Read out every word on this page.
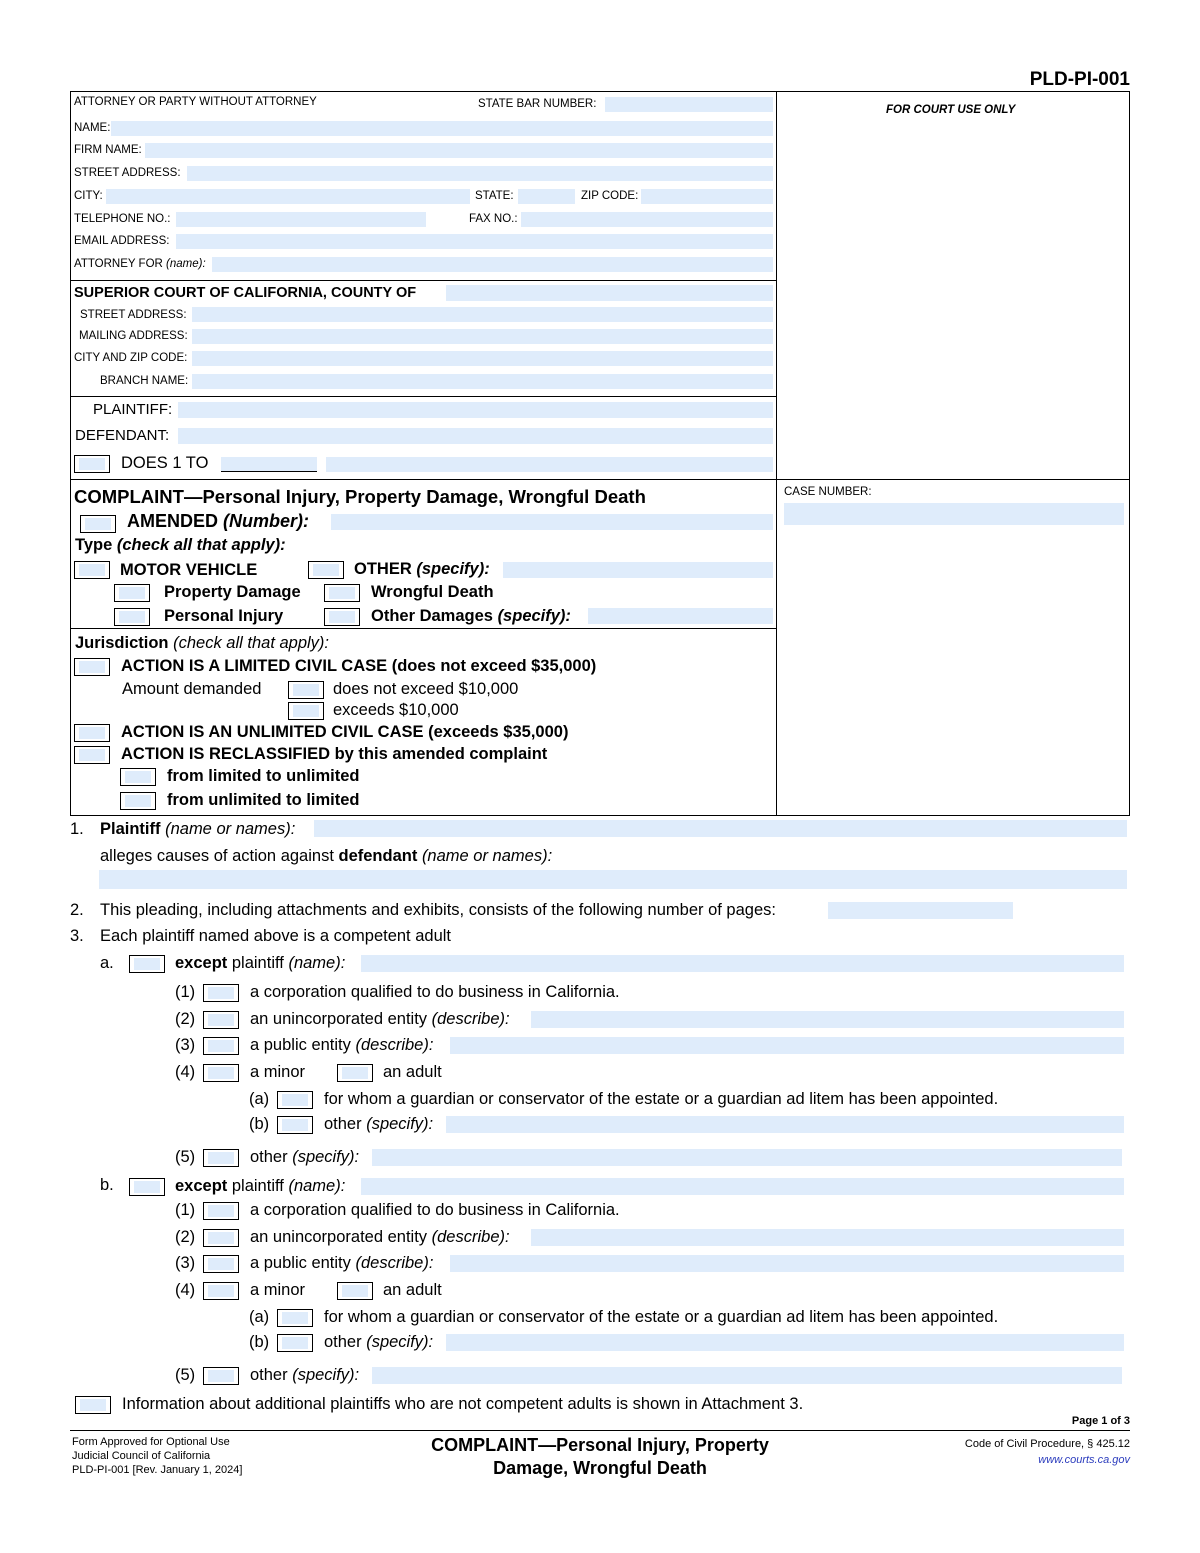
PLD-PI-001
ATTORNEY OR PARTY WITHOUT ATTORNEY	STATE BAR NUMBER:
NAME:
FIRM NAME:
STREET ADDRESS:
CITY:	STATE:	ZIP CODE:
TELEPHONE NO.:	FAX NO.:
EMAIL ADDRESS:
ATTORNEY FOR (name):
SUPERIOR COURT OF CALIFORNIA, COUNTY OF
STREET ADDRESS:
MAILING ADDRESS:
CITY AND ZIP CODE:
BRANCH NAME:
PLAINTIFF:
DEFENDANT:
DOES 1 TO
FOR COURT USE ONLY
CASE NUMBER:
COMPLAINT—Personal Injury, Property Damage, Wrongful Death
AMENDED (Number):
Type (check all that apply):
MOTOR VEHICLE	OTHER (specify):
Property Damage	Wrongful Death
Personal Injury	Other Damages (specify):
Jurisdiction (check all that apply):
ACTION IS A LIMITED CIVIL CASE (does not exceed $35,000)
Amount demanded	does not exceed $10,000
exceeds $10,000
ACTION IS AN UNLIMITED CIVIL CASE (exceeds $35,000)
ACTION IS RECLASSIFIED by this amended complaint
from limited to unlimited
from unlimited to limited
1. Plaintiff (name or names):
alleges causes of action against defendant (name or names):
2. This pleading, including attachments and exhibits, consists of the following number of pages:
3. Each plaintiff named above is a competent adult
a.	except plaintiff (name):
(1)	a corporation qualified to do business in California.
(2)	an unincorporated entity (describe):
(3)	a public entity (describe):
(4)	a minor	an adult
(a)	for whom a guardian or conservator of the estate or a guardian ad litem has been appointed.
(b)	other (specify):
(5)	other (specify):
b.	except plaintiff (name):
(1)	a corporation qualified to do business in California.
(2)	an unincorporated entity (describe):
(3)	a public entity (describe):
(4)	a minor	an adult
(a)	for whom a guardian or conservator of the estate or a guardian ad litem has been appointed.
(b)	other (specify):
(5)	other (specify):
Information about additional plaintiffs who are not competent adults is shown in Attachment 3.
Page 1 of 3
Form Approved for Optional Use
Judicial Council of California
PLD-PI-001 [Rev. January 1, 2024]
COMPLAINT—Personal Injury, Property
Damage, Wrongful Death
Code of Civil Procedure, § 425.12
www.courts.ca.gov
